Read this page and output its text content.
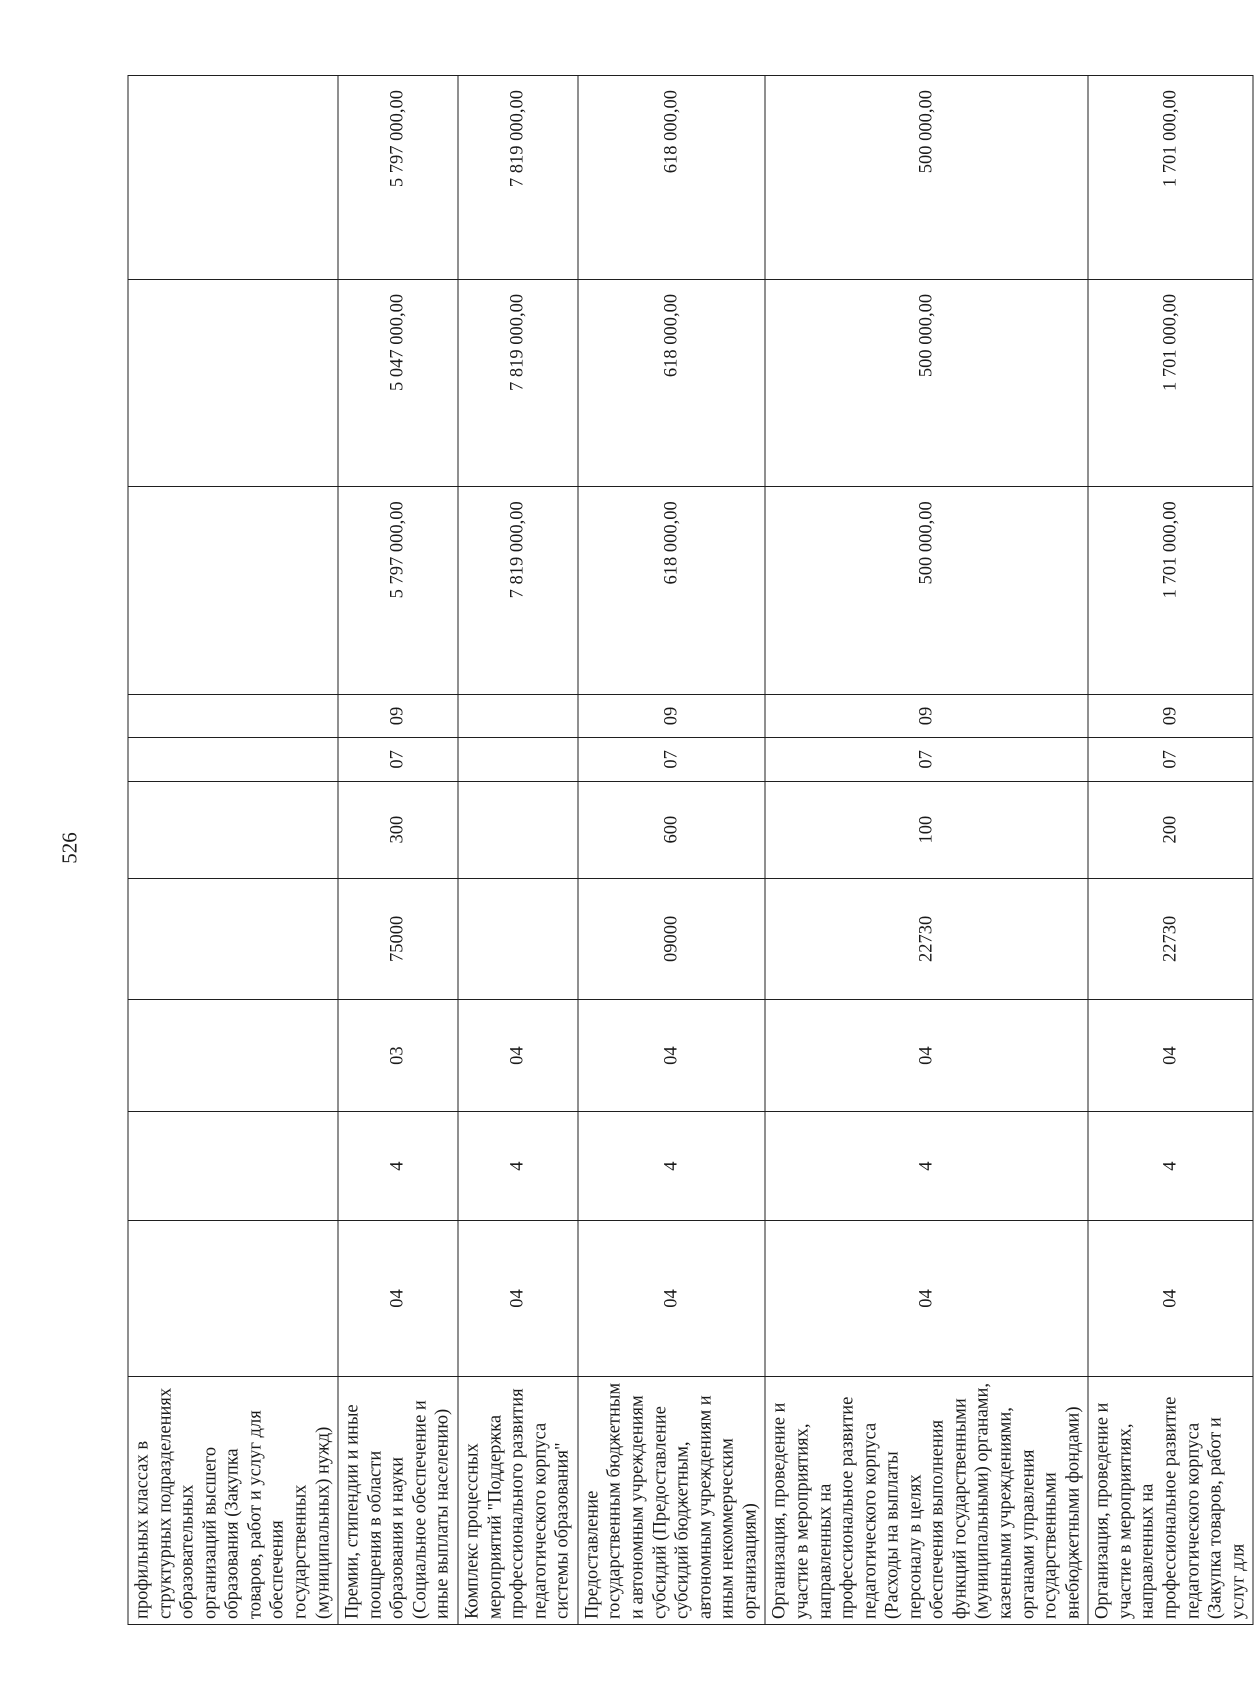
526
профильных классах в структурных подразделениях образовательных организаций высшего образования (Закупка товаров, работ и услуг для обеспечения государственных (муниципальных) нужд)										
Премии, стипендии и иные поощрения в области образования и науки (Социальное обеспечение и иные выплаты населению)	04	4	03	75000	300	07	09	5 797 000,00	5 047 000,00	5 797 000,00
Комплекс процессных мероприятий "Поддержка профессионального развития педагогического корпуса системы образования"	04	4	04					7 819 000,00	7 819 000,00	7 819 000,00
Предоставление государственным бюджетным и автономным учреждениям субсидий (Предоставление субсидий бюджетным, автономным учреждениям и иным некоммерческим организациям)	04	4	04	09000	600	07	09	618 000,00	618 000,00	618 000,00
Организация, проведение и участие в мероприятиях, направленных на профессиональное развитие педагогического корпуса (Расходы на выплаты персоналу в целях обеспечения выполнения функций государственными (муниципальными) органами, казенными учреждениями, органами управления государственными внебюджетными фондами)	04	4	04	22730	100	07	09	500 000,00	500 000,00	500 000,00
Организация, проведение и участие в мероприятиях, направленных на профессиональное развитие педагогического корпуса (Закупка товаров, работ и услуг для	04	4	04	22730	200	07	09	1 701 000,00	1 701 000,00	1 701 000,00
